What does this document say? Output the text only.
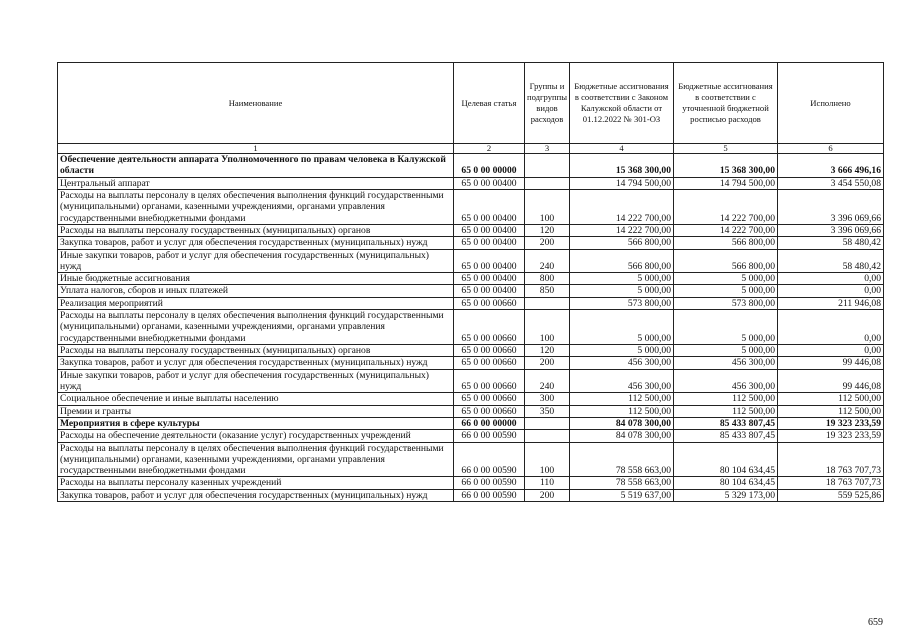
Наименование	Целевая статья	Группы и подгруппы видов расходов	Бюджетные ассигнования в соответствии с Законом Калужской области от 01.12.2022 № 301-ОЗ	Бюджетные ассигнования в соответствии с уточненной бюджетной росписью расходов	Исполнено
1	2	3	4	5	6
Обеспечение деятельности аппарата Уполномоченного по правам человека в Калужской области	65 0 00 00000		15 368 300,00	15 368 300,00	3 666 496,16
Центральный аппарат	65 0 00 00400		14 794 500,00	14 794 500,00	3 454 550,08
Расходы на выплаты персоналу в целях обеспечения выполнения функций государственными (муниципальными) органами, казенными учреждениями, органами управления государственными внебюджетными фондами	65 0 00 00400	100	14 222 700,00	14 222 700,00	3 396 069,66
Расходы на выплаты персоналу государственных (муниципальных) органов	65 0 00 00400	120	14 222 700,00	14 222 700,00	3 396 069,66
Закупка товаров, работ и услуг для обеспечения государственных (муниципальных) нужд	65 0 00 00400	200	566 800,00	566 800,00	58 480,42
Иные закупки товаров, работ и услуг для обеспечения государственных (муниципальных) нужд	65 0 00 00400	240	566 800,00	566 800,00	58 480,42
Иные бюджетные ассигнования	65 0 00 00400	800	5 000,00	5 000,00	0,00
Уплата налогов, сборов и иных платежей	65 0 00 00400	850	5 000,00	5 000,00	0,00
Реализация мероприятий	65 0 00 00660		573 800,00	573 800,00	211 946,08
Расходы на выплаты персоналу в целях обеспечения выполнения функций государственными (муниципальными) органами, казенными учреждениями, органами управления государственными внебюджетными фондами	65 0 00 00660	100	5 000,00	5 000,00	0,00
Расходы на выплаты персоналу государственных (муниципальных) органов	65 0 00 00660	120	5 000,00	5 000,00	0,00
Закупка товаров, работ и услуг для обеспечения государственных (муниципальных) нужд	65 0 00 00660	200	456 300,00	456 300,00	99 446,08
Иные закупки товаров, работ и услуг для обеспечения государственных (муниципальных) нужд	65 0 00 00660	240	456 300,00	456 300,00	99 446,08
Социальное обеспечение и иные выплаты населению	65 0 00 00660	300	112 500,00	112 500,00	112 500,00
Премии и гранты	65 0 00 00660	350	112 500,00	112 500,00	112 500,00
Мероприятия в сфере культуры	66 0 00 00000		84 078 300,00	85 433 807,45	19 323 233,59
Расходы на обеспечение деятельности (оказание услуг) государственных учреждений	66 0 00 00590		84 078 300,00	85 433 807,45	19 323 233,59
Расходы на выплаты персоналу в целях обеспечения выполнения функций государственными (муниципальными) органами, казенными учреждениями, органами управления государственными внебюджетными фондами	66 0 00 00590	100	78 558 663,00	80 104 634,45	18 763 707,73
Расходы на выплаты персоналу казенных учреждений	66 0 00 00590	110	78 558 663,00	80 104 634,45	18 763 707,73
Закупка товаров, работ и услуг для обеспечения государственных (муниципальных) нужд	66 0 00 00590	200	5 519 637,00	5 329 173,00	559 525,86
659
